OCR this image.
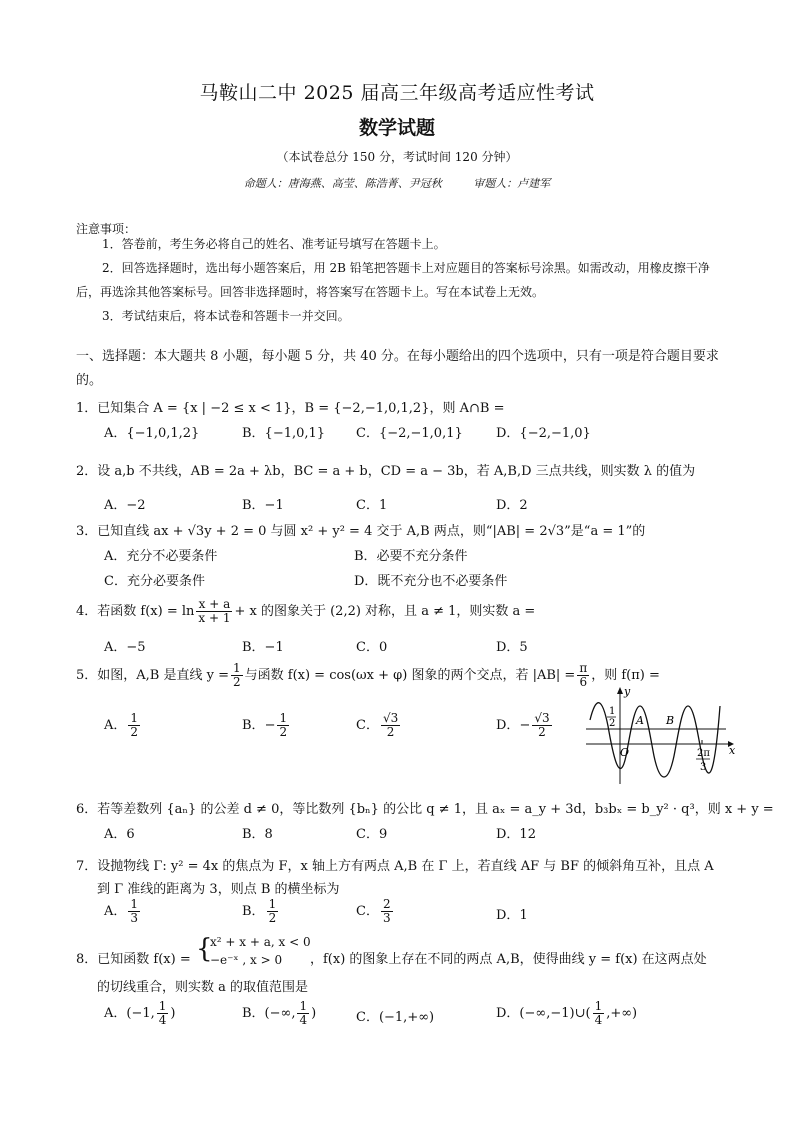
马鞍山二中 2025 届高三年级高考适应性考试
数学试题
（本试卷总分 150 分，考试时间 120 分钟）
命题人：唐海燕、高莹、陈浩菁、尹冠秋	审题人：卢建军
注意事项：
1．答卷前，考生务必将自己的姓名、准考证号填写在答题卡上。
2．回答选择题时，选出每小题答案后，用 2B 铅笔把答题卡上对应题目的答案标号涂黑。如需改动，用橡皮擦干净后，再选涂其他答案标号。回答非选择题时，将答案写在答题卡上。写在本试卷上无效。
3．考试结束后，将本试卷和答题卡一并交回。
一、选择题：本大题共 8 小题，每小题 5 分，共 40 分。在每小题给出的四个选项中，只有一项是符合题目要求的。
1．已知集合 A = {x | −2 ≤ x < 1}，B = {−2,−1,0,1,2}，则 A∩B =
A．{−1,0,1,2}	B．{−1,0,1} C．{−2,−1,0,1}	D．{−2,−1,0}
2．设 a,b 不共线，AB = 2a + λb，BC = a + b，CD = a − 3b，若 A,B,D 三点共线，则实数 λ 的值为
A．−2	B．−1	C．1	D．2
3．已知直线 ax + √3y + 2 = 0 与圆 x² + y² = 4 交于 A,B 两点，则“|AB| = 2√3”是“a = 1”的
A．充分不必要条件	B．必要不充分条件
C．充分必要条件	D．既不充分也不必要条件
4．若函数 $f(x) = \ln \frac{x + a}{x + 1} + x$ 的图象关于 (2,2) 对称，且 a ≠ 1，则实数 a =
A．−5	B．−1	C．0	D．5
5．如图，A,B 是直线 $y = \frac{1}{2}$ 与函数 f(x) = cos(ωx + φ) 图象的两个交点，若 $|AB| = \frac{\pi}{6}$ ，则 f(π) =
A． $\frac{1}{2}$	B．− $\frac{1}{2}$	C． $\frac{√3}{2}$	D．− $\frac{√3}{2}$
y
x
O
1
2 A B
2π
3
6．若等差数列 {aₙ} 的公差 d ≠ 0，等比数列 {bₙ} 的公比 q ≠ 1，且 aₓ = a_y + 3d，b₃bₓ = b_y² · q³，则 x + y =
A．6	B．8	C．9	D．12
7．设抛物线 Γ: y² = 4x 的焦点为 F，x 轴上方有两点 A,B 在 Γ 上，若直线 AF 与 BF 的倾斜角互补，且点 A
到 Γ 准线的距离为 3，则点 B 的横坐标为
A． $\frac{1}{3}$	B． $\frac{1}{2}$	C． $\frac{2}{3}$	D．1
8．已知函数 f(x) = {
x² + x + a, x < 0
−e⁻ˣ , x > 0 ，f(x) 的图象上存在不同的两点 A,B，使得曲线 y = f(x) 在这两点处
的切线重合，则实数 a 的取值范围是
A．(−1, $\frac{1}{4}$ )	B．(−∞, $\frac{1}{4}$ )	C．(−1,+∞)	D．(−∞,−1)∪( $\frac{1}{4}$ ,+∞)
